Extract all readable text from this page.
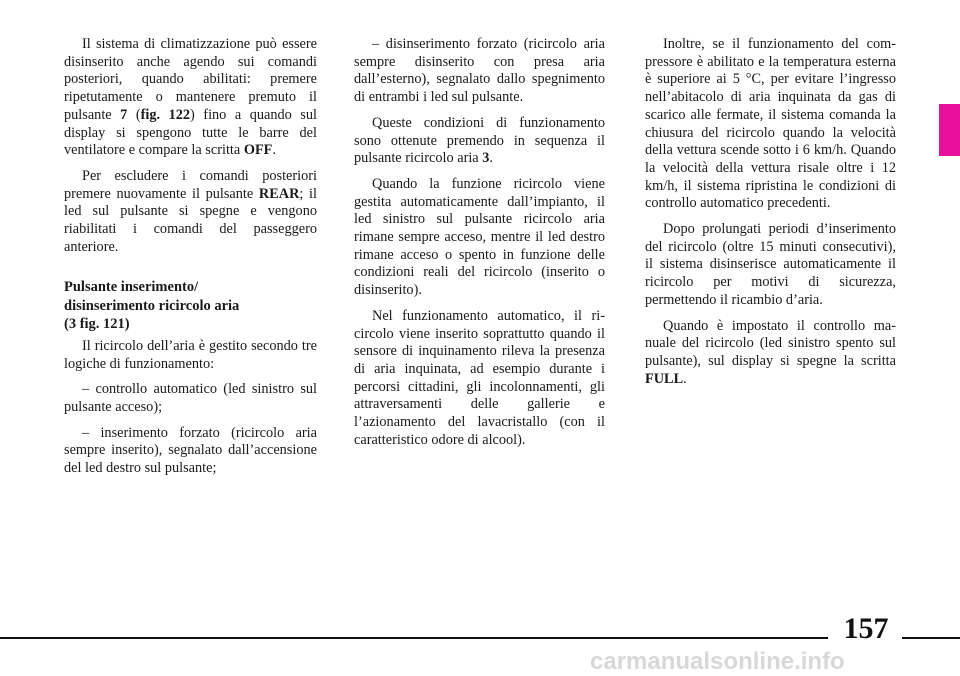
Il sistema di climatizzazione può essere disinserito anche agendo sui comandi posteriori, quando abilitati: premere ripetutamente o mantenere premuto il pulsante 7 (fig. 122) fino a quando sul display si spengono tutte le barre del ventilatore e compare la scritta OFF.

Per escludere i comandi posteriori premere nuovamente il pulsante REAR; il led sul pulsante si spegne e vengono riabilitati i comandi del passeggero anteriore.

Pulsante inserimento/
disinserimento ricircolo aria
(3 fig. 121)

Il ricircolo dell’aria è gestito secondo tre logiche di funzionamento:

– controllo automatico (led sinistro sul pulsante acceso);

– inserimento forzato (ricircolo aria sempre inserito), segnalato dall’accensione del led destro sul pulsante;

– disinserimento forzato (ricircolo aria sempre disinserito con presa aria dall’esterno), segnalato dallo spegnimento di entrambi i led sul pulsante.

Queste condizioni di funzionamento sono ottenute premendo in sequenza il pulsante ricircolo aria 3.

Quando la funzione ricircolo viene gestita automaticamente dall’impianto, il led sinistro sul pulsante ricircolo aria rimane sempre acceso, mentre il led destro rimane acceso o spento in funzione delle condizioni reali del ricircolo (inserito o disinserito).

Nel funzionamento automatico, il ricircolo viene inserito soprattutto quando il sensore di inquinamento rileva la presenza di aria inquinata, ad esempio durante i percorsi cittadini, gli incolonnamenti, gli attraversamenti delle gallerie e l’azionamento del lavacristallo (con il caratteristico odore di alcool).

Inoltre, se il funzionamento del compressore è abilitato e la temperatura esterna è superiore ai 5 °C, per evitare l’ingresso nell’abitacolo di aria inquinata da gas di scarico alle fermate, il sistema comanda la chiusura del ricircolo quando la velocità della vettura scende sotto i 6 km/h. Quando la velocità della vettura risale oltre i 12 km/h, il sistema ripristina le condizioni di controllo automatico precedenti.

Dopo prolungati periodi d’inserimento del ricircolo (oltre 15 minuti consecutivi), il sistema disinserisce automaticamente il ricircolo per motivi di sicurezza, permettendo il ricambio d’aria.

Quando è impostato il controllo manuale del ricircolo (led sinistro spento sul pulsante), sul display si spegne la scritta FULL.

157
carmanualsonline.info
